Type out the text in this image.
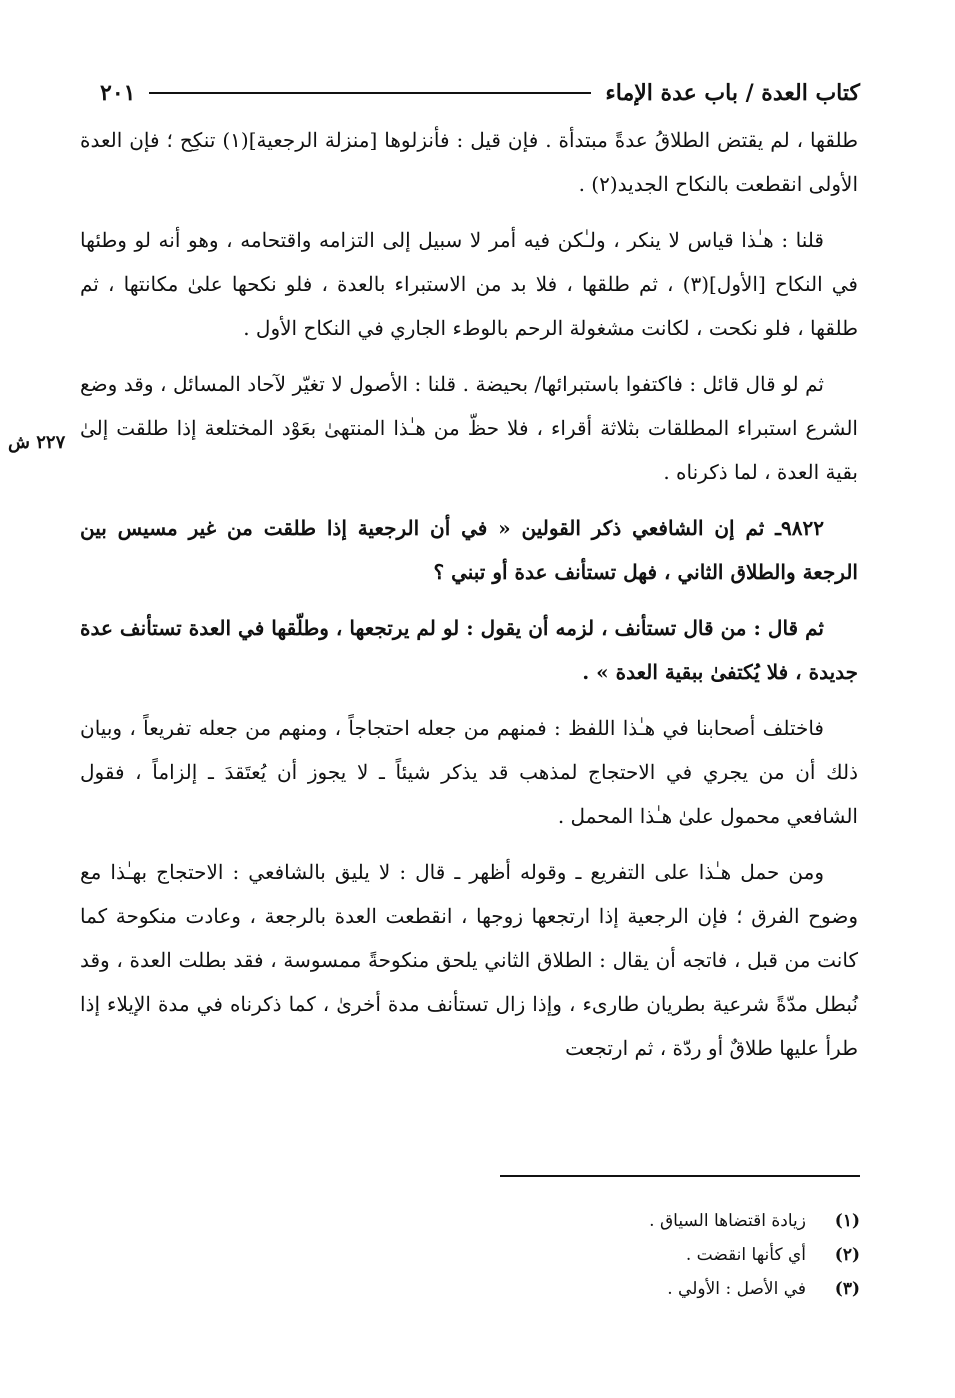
كتاب العدة / باب عدة الإماء
٢٠١
٢٢٧ ش

طلقها ، لم يقتض الطلاقُ عدةً مبتدأة . فإن قيل : فأنزلوها [منزلة الرجعية](١) تنكِح ؛ فإن العدة الأولى انقطعت بالنكاح الجديد(٢) .

قلنا : هـٰذا قياس لا ينكر ، ولـٰكن فيه أمر لا سبيل إلى التزامه واقتحامه ، وهو أنه لو وطئها في النكاح [الأول](٣) ، ثم طلقها ، فلا بد من الاستبراء بالعدة ، فلو نكحها علىٰ مكانتها ، ثم طلقها ، فلو نكحت ، لكانت مشغولة الرحم بالوطء الجاري في النكاح الأول .

ثم لو قال قائل : فاكتفوا باستبرائها/ بحيضة . قلنا : الأصول لا تغيّر لآحاد المسائل ، وقد وضع الشرع استبراء المطلقات بثلاثة أقراء ، فلا حظّ من هـٰذا المنتهىٰ بعَوْد المختلعة إذا طلقت إلىٰ بقية العدة ، لما ذكرناه .

٩٨٢٢ـ ثم إن الشافعي ذكر القولين « في أن الرجعية إذا طلقت من غير مسيس بين الرجعة والطلاق الثاني ، فهل تستأنف عدة أو تبني ؟

ثم قال : من قال تستأنف ، لزمه أن يقول : لو لم يرتجعها ، وطلّقها في العدة تستأنف عدة جديدة ، فلا يُكتفىٰ ببقية العدة » .

فاختلف أصحابنا في هـٰذا اللفظ : فمنهم من جعله احتجاجاً ، ومنهم من جعله تفريعاً ، وبيان ذلك أن من يجري في الاحتجاج لمذهب قد يذكر شيئاً ـ لا يجوز أن يُعتَقدَ ـ إلزاماً ، فقول الشافعي محمول علىٰ هـٰذا المحمل .

ومن حمل هـٰذا على التفريع ـ وقوله أظهر ـ قال : لا يليق بالشافعي : الاحتجاج بهـٰذا مع وضوح الفرق ؛ فإن الرجعية إذا ارتجعها زوجها ، انقطعت العدة بالرجعة ، وعادت منكوحة كما كانت من قبل ، فاتجه أن يقال : الطلاق الثاني يلحق منكوحةً ممسوسة ، فقد بطلت العدة ، وقد نُبطل مدّةً شرعية بطريان طارىء ، وإذا زال تستأنف مدة أخرىٰ ، كما ذكرناه في مدة الإيلاء إذا طرأ عليها طلاقٌ أو ردّة ، ثم ارتجعت

(١)
زيادة اقتضاها السياق .
(٢)
أي كأنها انقضت .
(٣)
في الأصل : الأولي .
